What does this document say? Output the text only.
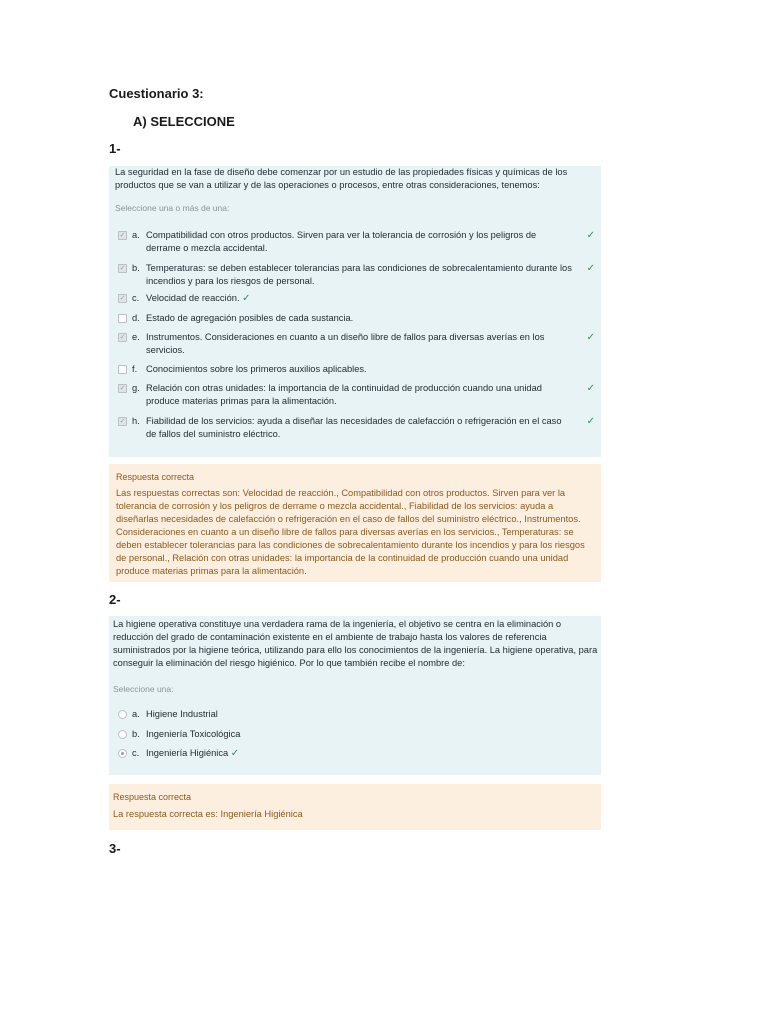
Cuestionario 3:
A) SELECCIONE
1-
La seguridad en la fase de diseño debe comenzar por un estudio de las propiedades físicas y químicas de los productos que se van a utilizar y de las operaciones o procesos, entre otras consideraciones, tenemos:
Seleccione una o más de una:
✓ a. Compatibilidad con otros productos. Sirven para ver la tolerancia de corrosión y los peligros de derrame o mezcla accidental.
✓
✓ b. Temperaturas: se deben establecer tolerancias para las condiciones de sobrecalentamiento durante los incendios y para los riesgos de personal.
✓
✓ c. Velocidad de reacción. ✓
d. Estado de agregación posibles de cada sustancia.
✓ e. Instrumentos. Consideraciones en cuanto a un diseño libre de fallos para diversas averías en los servicios.
✓
f. Conocimientos sobre los primeros auxilios aplicables.
✓ g. Relación con otras unidades: la importancia de la continuidad de producción cuando una unidad produce materias primas para la alimentación.
✓
✓ h. Fiabilidad de los servicios: ayuda a diseñar las necesidades de calefacción o refrigeración en el caso de fallos del suministro eléctrico.
✓
Respuesta correcta
Las respuestas correctas son: Velocidad de reacción., Compatibilidad con otros productos. Sirven para ver la tolerancia de corrosión y los peligros de derrame o mezcla accidental., Fiabilidad de los servicios: ayuda a diseñarlas necesidades de calefacción o refrigeración en el caso de fallos del suministro eléctrico., Instrumentos. Consideraciones en cuanto a un diseño libre de fallos para diversas averías en los servicios., Temperaturas: se deben establecer tolerancias para las condiciones de sobrecalentamiento durante los incendios y para los riesgos de personal., Relación con otras unidades: la importancia de la continuidad de producción cuando una unidad produce materias primas para la alimentación.
2-
La higiene operativa constituye una verdadera rama de la ingeniería, el objetivo se centra en la eliminación o reducción del grado de contaminación existente en el ambiente de trabajo hasta los valores de referencia suministrados por la higiene teórica, utilizando para ello los conocimientos de la ingeniería. La higiene operativa, para conseguir la eliminación del riesgo higiénico. Por lo que también recibe el nombre de:
Seleccione una:
a. Higiene Industrial
b. Ingeniería Toxicológica
c. Ingeniería Higiénica ✓
Respuesta correcta
La respuesta correcta es: Ingeniería Higiénica
3-
